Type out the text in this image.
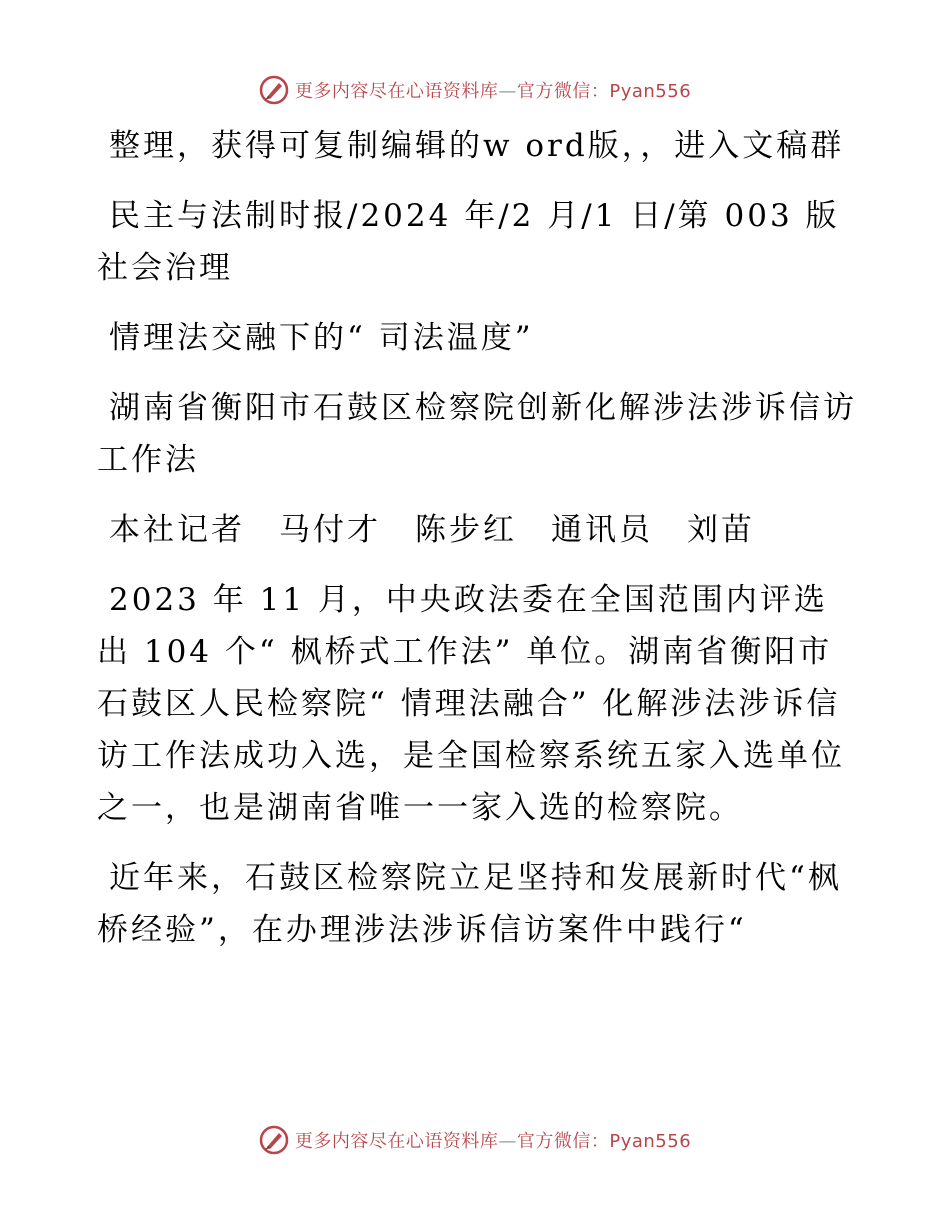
更多内容尽在心语资料库—官方微信：Pyan556

整理，获得可复制编辑的w ord版，，进入文稿群

民主与法制时报/2024 年/2 月/1 日/第 003 版社会治理

情理法交融下的“ 司法温度”

湖南省衡阳市石鼓区检察院创新化解涉法涉诉信访工作法

本社记者　马付才　陈步红　通讯员　刘苗

2023 年 11 月，中央政法委在全国范围内评选出 104 个“ 枫桥式工作法” 单位。湖南省衡阳市石鼓区人民检察院“ 情理法融合” 化解涉法涉诉信访工作法成功入选，是全国检察系统五家入选单位之一，也是湖南省唯一一家入选的检察院。

近年来，石鼓区检察院立足坚持和发展新时代“枫桥经验”，在办理涉法涉诉信访案件中践行“

更多内容尽在心语资料库—官方微信：Pyan556
